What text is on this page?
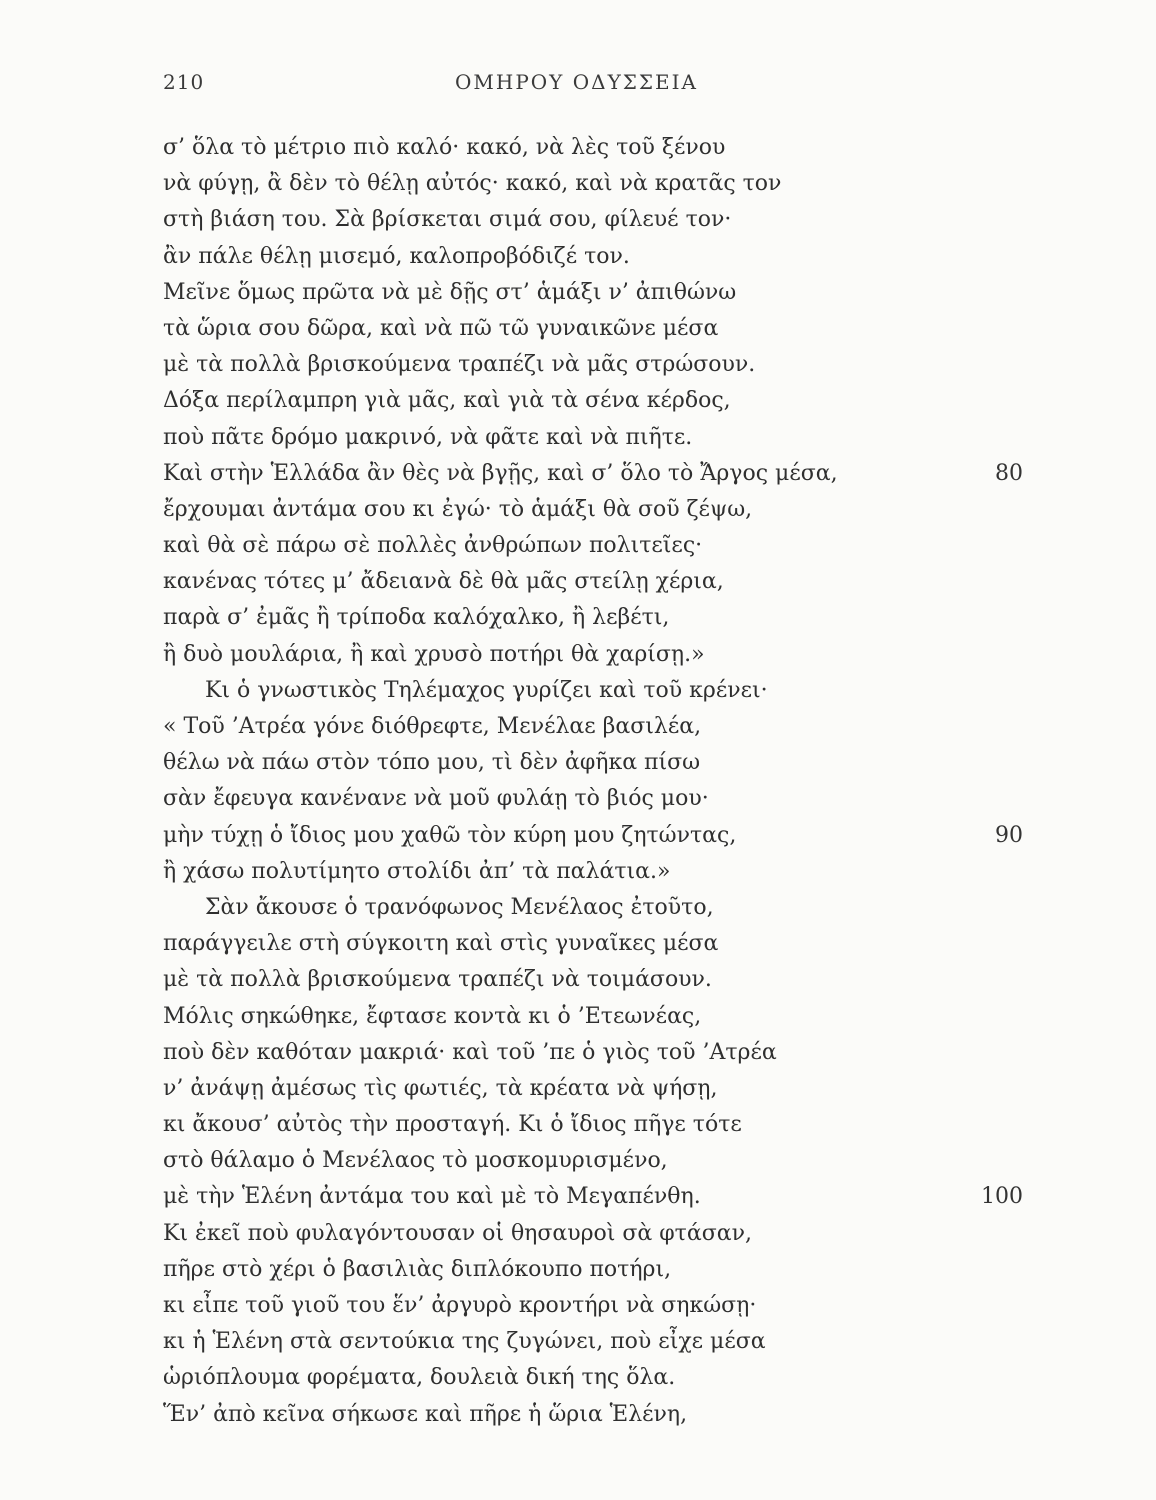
210	ΟΜΗΡΟΥ ΟΔΥΣΣΕΙΑ
σ’ ὅλα τὸ μέτριο πιὸ καλό· κακό, νὰ λὲς τοῦ ξένου
νὰ φύγῃ, ἂ δὲν τὸ θέλῃ αὐτός· κακό, καὶ νὰ κρατᾶς τον
στὴ βιάση του. Σὰ βρίσκεται σιμά σου, φίλευέ τον·
ἂν πάλε θέλῃ μισεμό, καλοπροβόδιζέ τον.
Μεῖνε ὅμως πρῶτα νὰ μὲ δῇς στ’ ἁμάξι ν’ ἀπιθώνω
τὰ ὥρια σου δῶρα, καὶ νὰ πῶ τῶ γυναικῶνε μέσα
μὲ τὰ πολλὰ βρισκούμενα τραπέζι νὰ μᾶς στρώσουν.
Δόξα περίλαμπρη γιὰ μᾶς, καὶ γιὰ τὰ σένα κέρδος,
ποὺ πᾶτε δρόμο μακρινό, νὰ φᾶτε καὶ νὰ πιῆτε.
Καὶ στὴν Ἑλλάδα ἂν θὲς νὰ βγῇς, καὶ σ’ ὅλο τὸ Ἄργος μέσα,	80
ἔρχουμαι ἀντάμα σου κι ἐγώ· τὸ ἁμάξι θὰ σοῦ ζέψω,
καὶ θὰ σὲ πάρω σὲ πολλὲς ἀνθρώπων πολιτεῖες·
κανένας τότες μ’ ἄδειανὰ δὲ θὰ μᾶς στείλῃ χέρια,
παρὰ σ’ ἐμᾶς ἢ τρίποδα καλόχαλκο, ἢ λεβέτι,
ἢ δυὸ μουλάρια, ἢ καὶ χρυσὸ ποτήρι θὰ χαρίσῃ.»
Κι ὁ γνωστικὸς Τηλέμαχος γυρίζει καὶ τοῦ κρένει·
« Τοῦ ’Ατρέα γόνε διόθρεφτε, Μενέλαε βασιλέα,
θέλω νὰ πάω στὸν τόπο μου, τὶ δὲν ἀφῆκα πίσω
σὰν ἔφευγα κανένανε νὰ μοῦ φυλάῃ τὸ βιός μου·
μὴν τύχῃ ὁ ἴδιος μου χαθῶ τὸν κύρη μου ζητώντας,	90
ἢ χάσω πολυτίμητο στολίδι ἀπ’ τὰ παλάτια.»
Σὰν ἄκουσε ὁ τρανόφωνος Μενέλαος ἐτοῦτο,
παράγγειλε στὴ σύγκοιτη καὶ στὶς γυναῖκες μέσα
μὲ τὰ πολλὰ βρισκούμενα τραπέζι νὰ τοιμάσουν.
Μόλις σηκώθηκε, ἔφτασε κοντὰ κι ὁ ’Ετεωνέας,
ποὺ δὲν καθόταν μακριά· καὶ τοῦ ’πε ὁ γιὸς τοῦ ’Ατρέα
ν’ ἀνάψῃ ἀμέσως τὶς φωτιές, τὰ κρέατα νὰ ψήσῃ,
κι ἄκουσ’ αὐτὸς τὴν προσταγή. Κι ὁ ἴδιος πῆγε τότε
στὸ θάλαμο ὁ Μενέλαος τὸ μοσκομυρισμένο,
μὲ τὴν Ἑλένη ἀντάμα του καὶ μὲ τὸ Μεγαπένθη.	100
Κι ἐκεῖ ποὺ φυλαγόντουσαν οἱ θησαυροὶ σὰ φτάσαν,
πῆρε στὸ χέρι ὁ βασιλιὰς διπλόκουπο ποτήρι,
κι εἶπε τοῦ γιοῦ του ἕν’ ἀργυρὸ κροντήρι νὰ σηκώσῃ·
κι ἡ Ἑλένη στὰ σεντούκια της ζυγώνει, ποὺ εἶχε μέσα
ὡριόπλουμα φορέματα, δουλειὰ δική της ὅλα.
Ἕν’ ἀπὸ κεῖνα σήκωσε καὶ πῆρε ἡ ὥρια Ἑλένη,
